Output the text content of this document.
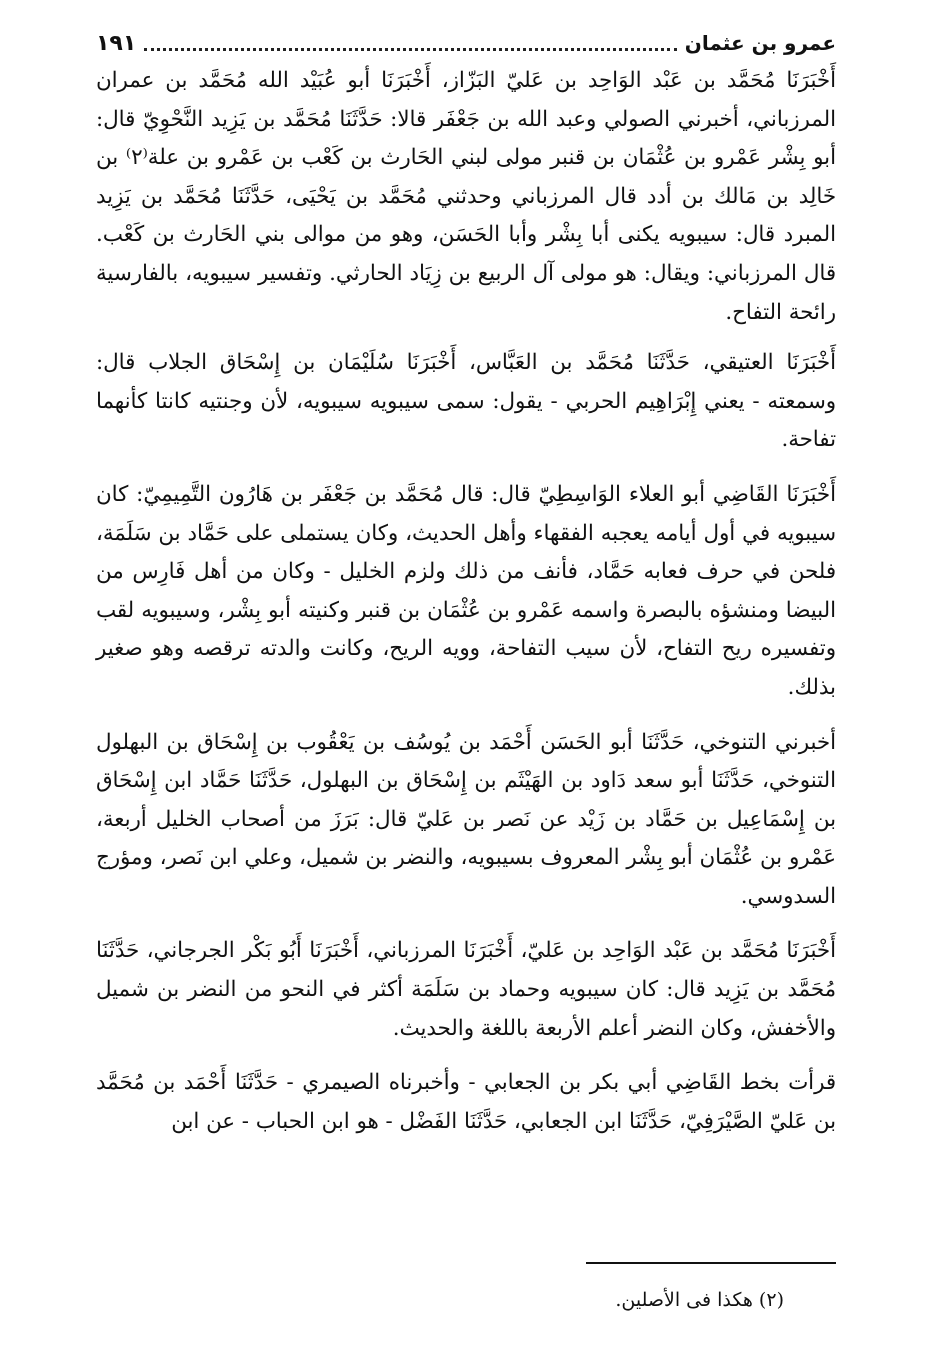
عمرو بن عثمان
١٩١

أَخْبَرَنَا مُحَمَّد بن عَبْد الوَاحِد بن عَليّ البَزّاز، أَخْبَرَنَا أبو عُبَيْد الله مُحَمَّد بن عمران المرزباني، أخبرني الصولي وعبد الله بن جَعْفَر قالا: حَدَّثَنَا مُحَمَّد بن يَزِيد النَّحْوِيّ قال: أبو بِشْر عَمْرو بن عُثْمَان بن قنبر مولى لبني الحَارث بن كَعْب بن عَمْرو بن علة⁽٢⁾ بن خَالِد بن مَالك بن أدد قال المرزباني وحدثني مُحَمَّد بن يَحْيَى، حَدَّثَنَا مُحَمَّد بن يَزِيد المبرد قال: سيبويه يكنى أبا بِشْر وأبا الحَسَن، وهو من موالى بني الحَارث بن كَعْب. قال المرزباني: ويقال: هو مولى آل الربيع بن زِيَاد الحارثي. وتفسير سيبويه، بالفارسية رائحة التفاح.

أَخْبَرَنَا العتيقي، حَدَّثَنَا مُحَمَّد بن العَبَّاس، أَخْبَرَنَا سُلَيْمَان بن إِسْحَاق الجلاب قال: وسمعته - يعني إِبْرَاهِيم الحربي - يقول: سمى سيبويه سيبويه، لأن وجنتيه كانتا كأنهما تفاحة.

أَخْبَرَنَا القَاضِي أبو العلاء الوَاسِطِيّ قال: قال مُحَمَّد بن جَعْفَر بن هَارُون التَّمِيمِيّ: كان سيبويه في أول أيامه يعجبه الفقهاء وأهل الحديث، وكان يستملى على حَمَّاد بن سَلَمَة، فلحن في حرف فعابه حَمَّاد، فأنف من ذلك ولزم الخليل - وكان من أهل فَارِس من البيضا ومنشؤه بالبصرة واسمه عَمْرو بن عُثْمَان بن قنبر وكنيته أبو بِشْر، وسيبويه لقب وتفسيره ريح التفاح، لأن سيب التفاحة، وويه الريح، وكانت والدته ترقصه وهو صغير بذلك.

أخبرني التنوخي، حَدَّثَنَا أبو الحَسَن أَحْمَد بن يُوسُف بن يَعْقُوب بن إِسْحَاق بن البهلول التنوخي، حَدَّثَنَا أبو سعد دَاود بن الهَيْثَم بن إِسْحَاق بن البهلول، حَدَّثَنَا حَمَّاد ابن إِسْحَاق بن إِسْمَاعِيل بن حَمَّاد بن زَيْد عن نَصر بن عَليّ قال: بَرَزَ من أصحاب الخليل أربعة، عَمْرو بن عُثْمَان أبو بِشْر المعروف بسيبويه، والنضر بن شميل، وعلي ابن نَصر، ومؤرج السدوسي.

أَخْبَرَنَا مُحَمَّد بن عَبْد الوَاحِد بن عَليّ، أَخْبَرَنَا المرزباني، أَخْبَرَنَا أَبُو بَكْر الجرجاني، حَدَّثَنَا مُحَمَّد بن يَزِيد قال: كان سيبويه وحماد بن سَلَمَة أكثر في النحو من النضر بن شميل والأخفش، وكان النضر أعلم الأربعة باللغة والحديث.

قرأت بخط القَاضِي أبي بكر بن الجعابي - وأخبرناه الصيمري - حَدَّثَنَا أَحْمَد بن مُحَمَّد بن عَليّ الصَّيْرَفِيّ، حَدَّثَنَا ابن الجعابي، حَدَّثَنَا الفَضْل - هو ابن الحباب - عن ابن

(٢) هكذا فى الأصلين.
